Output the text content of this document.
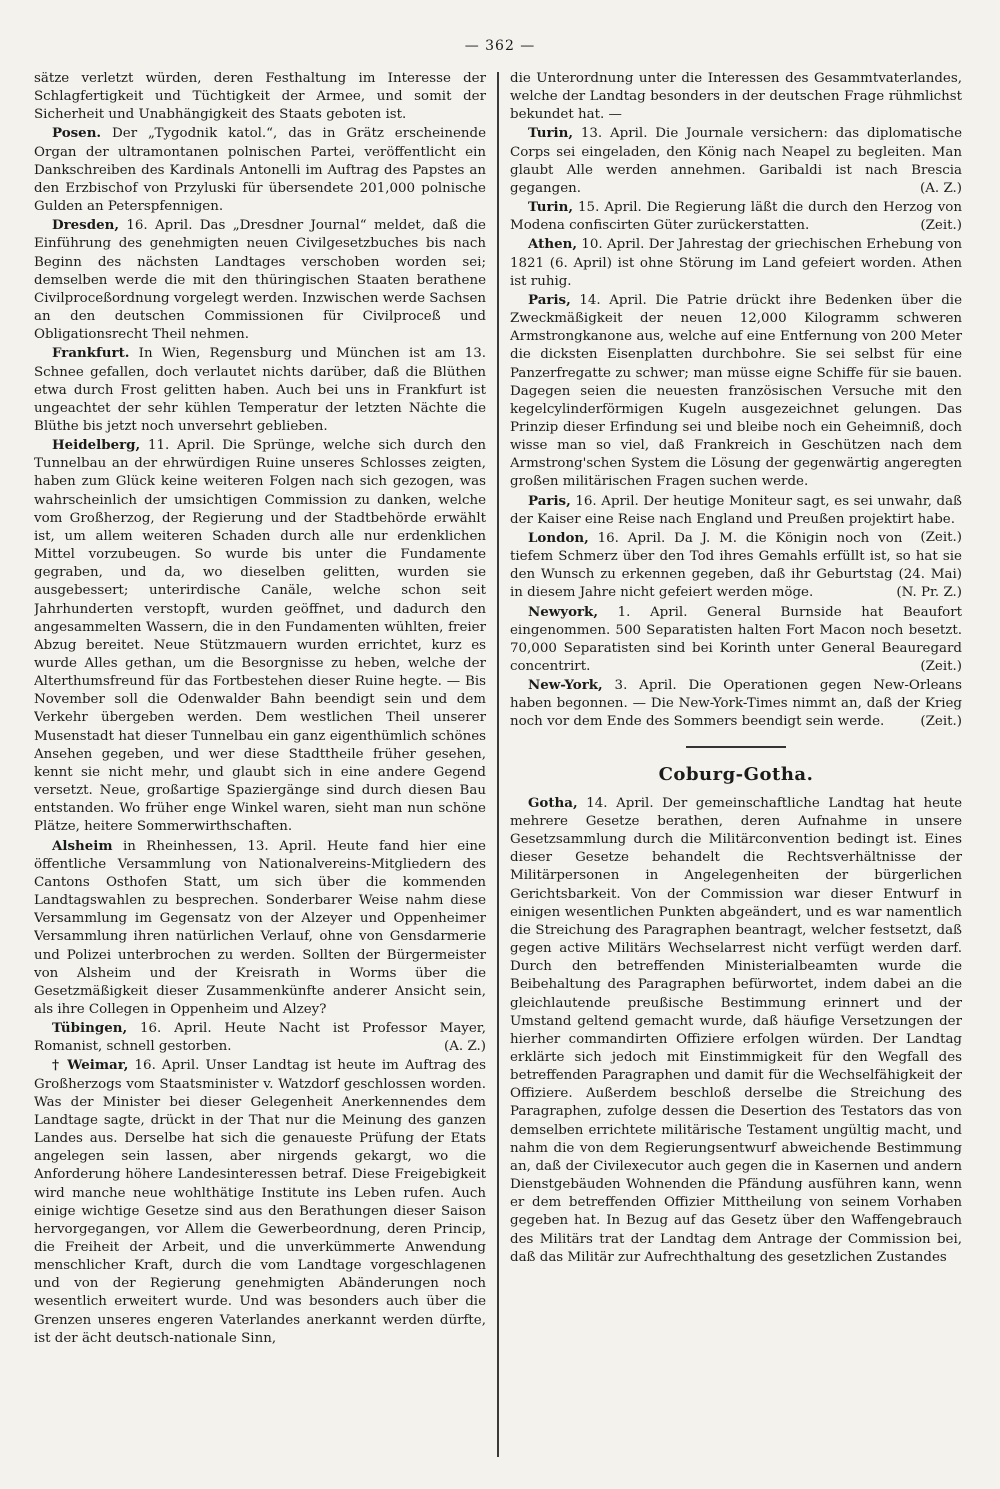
— 362 —

sätze verletzt würden, deren Festhaltung im Interesse der Schlagfertigkeit und Tüchtigkeit der Armee, und somit der Sicherheit und Unabhängigkeit des Staats geboten ist.

Posen. Der „Tygodnik katol.“, das in Grätz erscheinende Organ der ultramontanen polnischen Partei, veröffentlicht ein Dankschreiben des Kardinals Antonelli im Auftrag des Papstes an den Erzbischof von Przyluski für übersendete 201,000 polnische Gulden an Peterspfennigen.

Dresden, 16. April. Das „Dresdner Journal“ meldet, daß die Einführung des genehmigten neuen Civilgesetzbuches bis nach Beginn des nächsten Landtages verschoben worden sei; demselben werde die mit den thüringischen Staaten berathene Civilproceßordnung vorgelegt werden. Inzwischen werde Sachsen an den deutschen Commissionen für Civilproceß und Obligationsrecht Theil nehmen.

Frankfurt. In Wien, Regensburg und München ist am 13. Schnee gefallen, doch verlautet nichts darüber, daß die Blüthen etwa durch Frost gelitten haben. Auch bei uns in Frankfurt ist ungeachtet der sehr kühlen Temperatur der letzten Nächte die Blüthe bis jetzt noch unversehrt geblieben.

Heidelberg, 11. April. Die Sprünge, welche sich durch den Tunnelbau an der ehrwürdigen Ruine unseres Schlosses zeigten, haben zum Glück keine weiteren Folgen nach sich gezogen, was wahrscheinlich der umsichtigen Commission zu danken, welche vom Großherzog, der Regierung und der Stadtbehörde erwählt ist, um allem weiteren Schaden durch alle nur erdenklichen Mittel vorzubeugen. So wurde bis unter die Fundamente gegraben, und da, wo dieselben gelitten, wurden sie ausgebessert; unterirdische Canäle, welche schon seit Jahrhunderten verstopft, wurden geöffnet, und dadurch den angesammelten Wassern, die in den Fundamenten wühlten, freier Abzug bereitet. Neue Stützmauern wurden errichtet, kurz es wurde Alles gethan, um die Besorgnisse zu heben, welche der Alterthumsfreund für das Fortbestehen dieser Ruine hegte. — Bis November soll die Odenwalder Bahn beendigt sein und dem Verkehr übergeben werden. Dem westlichen Theil unserer Musenstadt hat dieser Tunnelbau ein ganz eigenthümlich schönes Ansehen gegeben, und wer diese Stadttheile früher gesehen, kennt sie nicht mehr, und glaubt sich in eine andere Gegend versetzt. Neue, großartige Spaziergänge sind durch diesen Bau entstanden. Wo früher enge Winkel waren, sieht man nun schöne Plätze, heitere Sommerwirthschaften.

Alsheim in Rheinhessen, 13. April. Heute fand hier eine öffentliche Versammlung von Nationalvereins-Mitgliedern des Cantons Osthofen Statt, um sich über die kommenden Landtagswahlen zu besprechen. Sonderbarer Weise nahm diese Versammlung im Gegensatz von der Alzeyer und Oppenheimer Versammlung ihren natürlichen Verlauf, ohne von Gensdarmerie und Polizei unterbrochen zu werden. Sollten der Bürgermeister von Alsheim und der Kreisrath in Worms über die Gesetzmäßigkeit dieser Zusammenkünfte anderer Ansicht sein, als ihre Collegen in Oppenheim und Alzey?

Tübingen, 16. April. Heute Nacht ist Professor Mayer, Romanist, schnell gestorben.	(A. Z.)

† Weimar, 16. April. Unser Landtag ist heute im Auftrag des Großherzogs vom Staatsminister v. Watzdorf geschlossen worden. Was der Minister bei dieser Gelegenheit Anerkennendes dem Landtage sagte, drückt in der That nur die Meinung des ganzen Landes aus. Derselbe hat sich die genaueste Prüfung der Etats angelegen sein lassen, aber nirgends gekargt, wo die Anforderung höhere Landesinteressen betraf. Diese Freigebigkeit wird manche neue wohlthätige Institute ins Leben rufen. Auch einige wichtige Gesetze sind aus den Berathungen dieser Saison hervorgegangen, vor Allem die Gewerbeordnung, deren Princip, die Freiheit der Arbeit, und die unverkümmerte Anwendung menschlicher Kraft, durch die vom Landtage vorgeschlagenen und von der Regierung genehmigten Abänderungen noch wesentlich erweitert wurde. Und was besonders auch über die Grenzen unseres engeren Vaterlandes anerkannt werden dürfte, ist der ächt deutsch-nationale Sinn,

die Unterordnung unter die Interessen des Gesammtvaterlandes, welche der Landtag besonders in der deutschen Frage rühmlichst bekundet hat. —

Turin, 13. April. Die Journale versichern: das diplomatische Corps sei eingeladen, den König nach Neapel zu begleiten. Man glaubt Alle werden annehmen. Garibaldi ist nach Brescia gegangen.	(A. Z.)

Turin, 15. April. Die Regierung läßt die durch den Herzog von Modena confiscirten Güter zurückerstatten.	(Zeit.)

Athen, 10. April. Der Jahrestag der griechischen Erhebung von 1821 (6. April) ist ohne Störung im Land gefeiert worden. Athen ist ruhig.

Paris, 14. April. Die Patrie drückt ihre Bedenken über die Zweckmäßigkeit der neuen 12,000 Kilogramm schweren Armstrongkanone aus, welche auf eine Entfernung von 200 Meter die dicksten Eisenplatten durchbohre. Sie sei selbst für eine Panzerfregatte zu schwer; man müsse eigne Schiffe für sie bauen. Dagegen seien die neuesten französischen Versuche mit den kegelcylinderförmigen Kugeln ausgezeichnet gelungen. Das Prinzip dieser Erfindung sei und bleibe noch ein Geheimniß, doch wisse man so viel, daß Frankreich in Geschützen nach dem Armstrong'schen System die Lösung der gegenwärtig angeregten großen militärischen Fragen suchen werde.

Paris, 16. April. Der heutige Moniteur sagt, es sei unwahr, daß der Kaiser eine Reise nach England und Preußen projektirt habe.
(Zeit.)

London, 16. April. Da J. M. die Königin noch von tiefem Schmerz über den Tod ihres Gemahls erfüllt ist, so hat sie den Wunsch zu erkennen gegeben, daß ihr Geburtstag (24. Mai) in diesem Jahre nicht gefeiert werden möge.	(N. Pr. Z.)

Newyork, 1. April. General Burnside hat Beaufort eingenommen. 500 Separatisten halten Fort Macon noch besetzt. 70,000 Separatisten sind bei Korinth unter General Beauregard concentrirt.	(Zeit.)

New-York, 3. April. Die Operationen gegen New-Orleans haben begonnen. — Die New-York-Times nimmt an, daß der Krieg noch vor dem Ende des Sommers beendigt sein werde.	(Zeit.)

Coburg-Gotha.

Gotha, 14. April. Der gemeinschaftliche Landtag hat heute mehrere Gesetze berathen, deren Aufnahme in unsere Gesetzsammlung durch die Militärconvention bedingt ist. Eines dieser Gesetze behandelt die Rechtsverhältnisse der Militärpersonen in Angelegenheiten der bürgerlichen Gerichtsbarkeit. Von der Commission war dieser Entwurf in einigen wesentlichen Punkten abgeändert, und es war namentlich die Streichung des Paragraphen beantragt, welcher festsetzt, daß gegen active Militärs Wechselarrest nicht verfügt werden darf. Durch den betreffenden Ministerialbeamten wurde die Beibehaltung des Paragraphen befürwortet, indem dabei an die gleichlautende preußische Bestimmung erinnert und der Umstand geltend gemacht wurde, daß häufige Versetzungen der hierher commandirten Offiziere erfolgen würden. Der Landtag erklärte sich jedoch mit Einstimmigkeit für den Wegfall des betreffenden Paragraphen und damit für die Wechselfähigkeit der Offiziere. Außerdem beschloß derselbe die Streichung des Paragraphen, zufolge dessen die Desertion des Testators das von demselben errichtete militärische Testament ungültig macht, und nahm die von dem Regierungsentwurf abweichende Bestimmung an, daß der Civilexecutor auch gegen die in Kasernen und andern Dienstgebäuden Wohnenden die Pfändung ausführen kann, wenn er dem betreffenden Offizier Mittheilung von seinem Vorhaben gegeben hat. In Bezug auf das Gesetz über den Waffengebrauch des Militärs trat der Landtag dem Antrage der Commission bei, daß das Militär zur Aufrechthaltung des gesetzlichen Zustandes
